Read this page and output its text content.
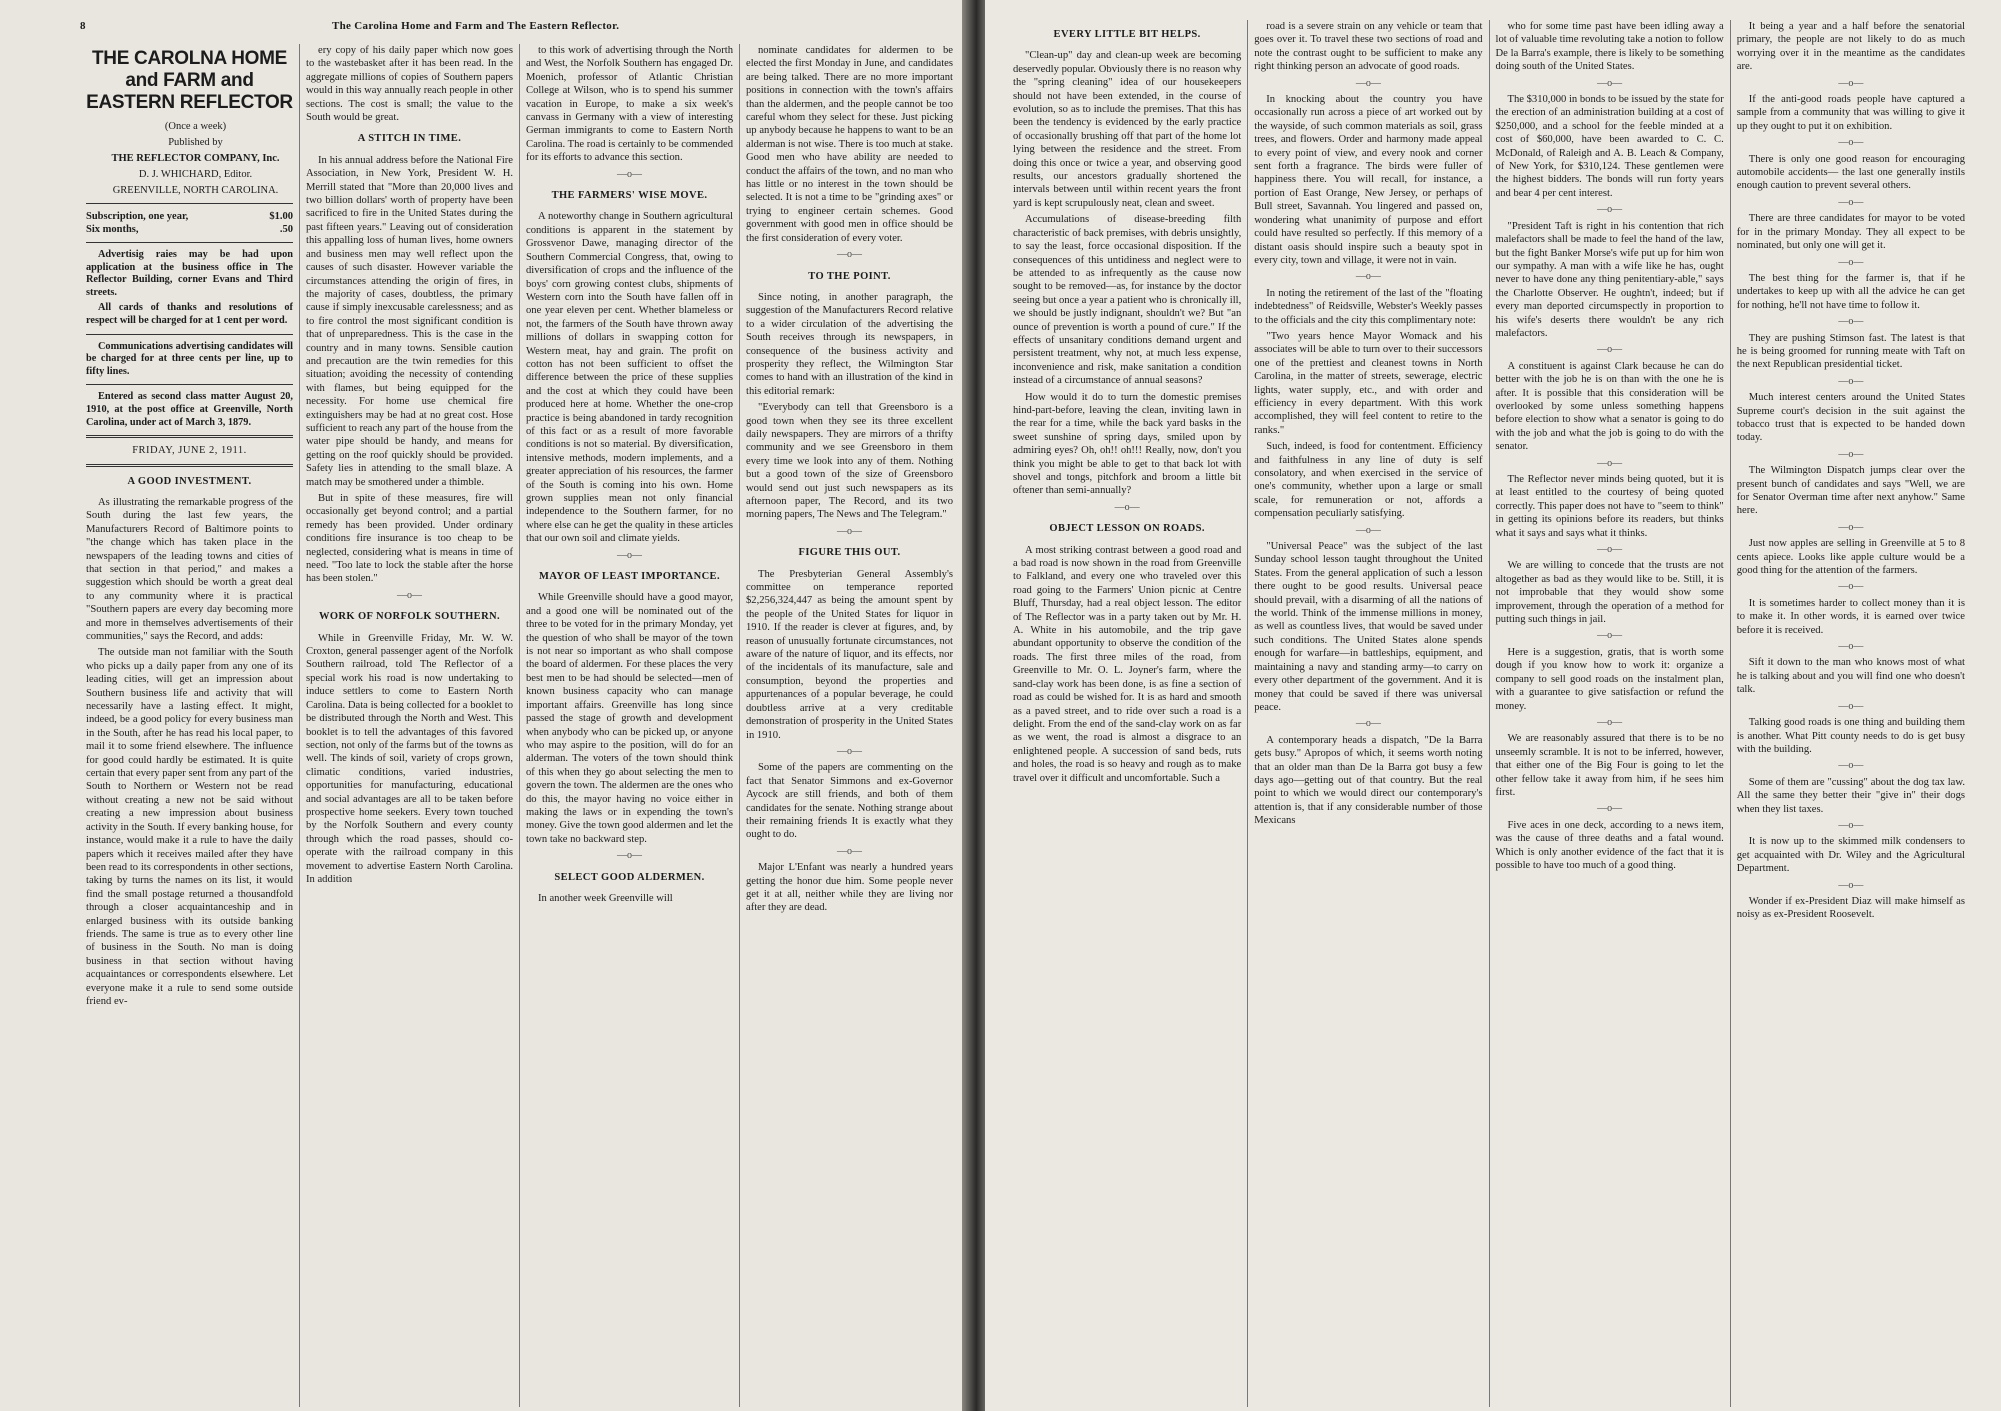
8	The Carolina Home and Farm and The Eastern Reflector.
THE CAROLNA HOME and FARM and EASTERN REFLECTOR

(Once a week)

Published by

THE REFLECTOR COMPANY, Inc.

D. J. WHICHARD, Editor.

GREENVILLE, NORTH CAROLINA.

Subscription, one year,	$1.00
Six months,	.50

Advertisig raies may be had upon application at the business office in The Reflector Building, corner Evans and Third streets.

All cards of thanks and resolutions of respect will be charged for at 1 cent per word.

Communications advertising candidates will be charged for at three cents per line, up to fifty lines.

Entered as second class matter August 20, 1910, at the post office at Greenville, North Carolina, under act of March 3, 1879.

FRIDAY, JUNE 2, 1911.
A GOOD INVESTMENT.

As illustrating the remarkable progress of the South during the last few years, the Manufacturers Record of Baltimore points to "the change which has taken place in the newspapers of the leading towns and cities of that section in that period," and makes a suggestion which should be worth a great deal to any community where it is practical "Southern papers are every day becoming more and more in themselves advertisements of their communities," says the Record, and adds:

The outside man not familiar with the South who picks up a daily paper from any one of its leading cities, will get an impression about Southern business life and activity that will necessarily have a lasting effect. It might, indeed, be a good policy for every business man in the South, after he has read his local paper, to mail it to some friend elsewhere. The influence for good could hardly be estimated. It is quite certain that every paper sent from any part of the South to Northern or Western not be read without creating a new not be said without creating a new impression about business activity in the South. If every banking house, for instance, would make it a rule to have the daily papers which it receives mailed after they have been read to its correspondents in other sections, taking by turns the names on its list, it would find the small postage returned a thousandfold through a closer acquaintanceship and in enlarged business with its outside banking friends. The same is true as to every other line of business in the South. No man is doing business in that section without having acquaintances or correspondents elsewhere. Let everyone make it a rule to send some outside friend ev-

ery copy of his daily paper which now goes to the wastebasket after it has been read. In the aggregate millions of copies of Southern papers would in this way annually reach people in other sections. The cost is small; the value to the South would be great.

A STITCH IN TIME.

In his annual address before the National Fire Association, in New York, President W. H. Merrill stated that "More than 20,000 lives and two billion dollars' worth of property have been sacrificed to fire in the United States during the past fifteen years." Leaving out of consideration this appalling loss of human lives, home owners and business men may well reflect upon the causes of such disaster. However variable the circumstances attending the origin of fires, in the majority of cases, doubtless, the primary cause if simply inexcusable carelessness; and as to fire control the most significant condition is that of unpreparedness. This is the case in the country and in many towns. Sensible caution and precaution are the twin remedies for this situation; avoiding the necessity of contending with flames, but being equipped for the necessity. For home use chemical fire extinguishers may be had at no great cost. Hose sufficient to reach any part of the house from the water pipe should be handy, and means for getting on the roof quickly should be provided. Safety lies in attending to the small blaze. A match may be smothered under a thimble.

But in spite of these measures, fire will occasionally get beyond control; and a partial remedy has been provided. Under ordinary conditions fire insurance is too cheap to be neglected, considering what is means in time of need. "Too late to lock the stable after the horse has been stolen."

—o—
WORK OF NORFOLK SOUTHERN.

While in Greenville Friday, Mr. W. W. Croxton, general passenger agent of the Norfolk Southern railroad, told The Reflector of a special work his road is now undertaking to induce settlers to come to Eastern North Carolina. Data is being collected for a booklet to be distributed through the North and West. This booklet is to tell the advantages of this favored section, not only of the farms but of the towns as well. The kinds of soil, variety of crops grown, climatic conditions, varied industries, opportunities for manufacturing, educational and social advantages are all to be taken before prospective home seekers. Every town touched by the Norfolk Southern and every county through which the road passes, should co-operate with the railroad company in this movement to advertise Eastern North Carolina. In addition

to this work of advertising through the North and West, the Norfolk Southern has engaged Dr. Moenich, professor of Atlantic Christian College at Wilson, who is to spend his summer vacation in Europe, to make a six week's canvass in Germany with a view of interesting German immigrants to come to Eastern North Carolina. The road is certainly to be commended for its efforts to advance this section.

—o—
THE FARMERS' WISE MOVE.

A noteworthy change in Southern agricultural conditions is apparent in the statement by Grossvenor Dawe, managing director of the Southern Commercial Congress, that, owing to diversification of crops and the influence of the boys' corn growing contest clubs, shipments of Western corn into the South have fallen off in one year eleven per cent. Whether blameless or not, the farmers of the South have thrown away millions of dollars in swapping cotton for Western meat, hay and grain. The profit on cotton has not been sufficient to offset the difference between the price of these supplies and the cost at which they could have been produced here at home. Whether the one-crop practice is being abandoned in tardy recognition of this fact or as a result of more favorable conditions is not so material. By diversification, intensive methods, modern implements, and a greater appreciation of his resources, the farmer of the South is coming into his own. Home grown supplies mean not only financial independence to the Southern farmer, for no where else can he get the quality in these articles that our own soil and climate yields.

—o—
MAYOR OF LEAST IMPORTANCE.

While Greenville should have a good mayor, and a good one will be nominated out of the three to be voted for in the primary Monday, yet the question of who shall be mayor of the town is not near so important as who shall compose the board of aldermen. For these places the very best men to be had should be selected—men of known business capacity who can manage important affairs. Greenville has long since passed the stage of growth and development when anybody who can be picked up, or anyone who may aspire to the position, will do for an alderman. The voters of the town should think of this when they go about selecting the men to govern the town. The aldermen are the ones who do this, the mayor having no voice either in making the laws or in expending the town's money. Give the town good aldermen and let the town take no backward step.

—o—
SELECT GOOD ALDERMEN.

In another week Greenville will

nominate candidates for aldermen to be elected the first Monday in June, and candidates are being talked. There are no more important positions in connection with the town's affairs than the aldermen, and the people cannot be too careful whom they select for these. Just picking up anybody because he happens to want to be an alderman is not wise. There is too much at stake. Good men who have ability are needed to conduct the affairs of the town, and no man who has little or no interest in the town should be selected. It is not a time to be "grinding axes" or trying to engineer certain schemes. Good government with good men in office should be the first consideration of every voter.

—o—
TO THE POINT.

Since noting, in another paragraph, the suggestion of the Manufacturers Record relative to a wider circulation of the advertising the South receives through its newspapers, in consequence of the business activity and prosperity they reflect, the Wilmington Star comes to hand with an illustration of the kind in this editorial remark:

"Everybody can tell that Greensboro is a good town when they see its three excellent daily newspapers. They are mirrors of a thrifty community and we see Greensboro in them every time we look into any of them. Nothing but a good town of the size of Greensboro would send out just such newspapers as its afternoon paper, The Record, and its two morning papers, The News and The Telegram."

—o—
FIGURE THIS OUT.

The Presbyterian General Assembly's committee on temperance reported $2,256,324,447 as being the amount spent by the people of the United States for liquor in 1910. If the reader is clever at figures, and, by reason of unusually fortunate circumstances, not aware of the nature of liquor, and its effects, nor of the incidentals of its manufacture, sale and consumption, beyond the properties and appurtenances of a popular beverage, he could doubtless arrive at a very creditable demonstration of prosperity in the United States in 1910.

—o—

Some of the papers are commenting on the fact that Senator Simmons and ex-Governor Aycock are still friends, and both of them candidates for the senate. Nothing strange about their remaining friends It is exactly what they ought to do.

—o—

Major L'Enfant was nearly a hundred years getting the honor due him. Some people never get it at all, neither while they are living nor after they are dead.

EVERY LITTLE BIT HELPS.

"Clean-up" day and clean-up week are becoming deservedly popular. Obviously there is no reason why the "spring cleaning" idea of our housekeepers should not have been extended, in the course of evolution, so as to include the premises. That this has been the tendency is evidenced by the early practice of occasionally brushing off that part of the home lot lying between the residence and the street. From doing this once or twice a year, and observing good results, our ancestors gradually shortened the intervals between until within recent years the front yard is kept scrupulously neat, clean and sweet.

Accumulations of disease-breeding filth characteristic of back premises, with debris unsightly, to say the least, force occasional disposition. If the consequences of this untidiness and neglect were to be attended to as infrequently as the cause now sought to be removed—as, for instance by the doctor seeing but once a year a patient who is chronically ill, we should be justly indignant, shouldn't we? But "an ounce of prevention is worth a pound of cure." If the effects of unsanitary conditions demand urgent and persistent treatment, why not, at much less expense, inconvenience and risk, make sanitation a condition instead of a circumstance of annual seasons?

How would it do to turn the domestic premises hind-part-before, leaving the clean, inviting lawn in the rear for a time, while the back yard basks in the sweet sunshine of spring days, smiled upon by admiring eyes? Oh, oh!! oh!!! Really, now, don't you think you might be able to get to that back lot with shovel and tongs, pitchfork and broom a little bit oftener than semi-annually?

—o—
OBJECT LESSON ON ROADS.

A most striking contrast between a good road and a bad road is now shown in the road from Greenville to Falkland, and every one who traveled over this road going to the Farmers' Union picnic at Centre Bluff, Thursday, had a real object lesson. The editor of The Reflector was in a party taken out by Mr. H. A. White in his automobile, and the trip gave abundant opportunity to observe the condition of the roads. The first three miles of the road, from Greenville to Mr. O. L. Joyner's farm, where the sand-clay work has been done, is as fine a section of road as could be wished for. It is as hard and smooth as a paved street, and to ride over such a road is a delight. From the end of the sand-clay work on as far as we went, the road is almost a disgrace to an enlightened people. A succession of sand beds, ruts and holes, the road is so heavy and rough as to make travel over it difficult and uncomfortable. Such a

road is a severe strain on any vehicle or team that goes over it. To travel these two sections of road and note the contrast ought to be sufficient to make any right thinking person an advocate of good roads.

—o—

In knocking about the country you have occasionally run across a piece of art worked out by the wayside, of such common materials as soil, grass trees, and flowers. Order and harmony made appeal to every point of view, and every nook and corner sent forth a fragrance. The birds were fuller of happiness there. You will recall, for instance, a portion of East Orange, New Jersey, or perhaps of Bull street, Savannah. You lingered and passed on, wondering what unanimity of purpose and effort could have resulted so perfectly. If this memory of a distant oasis should inspire such a beauty spot in every city, town and village, it were not in vain.

—o—

In noting the retirement of the last of the "floating indebtedness" of Reidsville, Webster's Weekly passes to the officials and the city this complimentary note:

"Two years hence Mayor Womack and his associates will be able to turn over to their successors one of the prettiest and cleanest towns in North Carolina, in the matter of streets, sewerage, electric lights, water supply, etc., and with order and efficiency in every department. With this work accomplished, they will feel content to retire to the ranks."

Such, indeed, is food for contentment. Efficiency and faithfulness in any line of duty is self consolatory, and when exercised in the service of one's community, whether upon a large or small scale, for remuneration or not, affords a compensation peculiarly satisfying.

—o—

"Universal Peace" was the subject of the last Sunday school lesson taught throughout the United States. From the general application of such a lesson there ought to be good results. Universal peace should prevail, with a disarming of all the nations of the world. Think of the immense millions in money, as well as countless lives, that would be saved under such conditions. The United States alone spends enough for warfare—in battleships, equipment, and maintaining a navy and standing army—to carry on every other department of the government. And it is money that could be saved if there was universal peace.

—o—

A contemporary heads a dispatch, "De la Barra gets busy." Apropos of which, it seems worth noting that an older man than De la Barra got busy a few days ago—getting out of that country. But the real point to which we would direct our contemporary's attention is, that if any considerable number of those Mexicans

who for some time past have been idling away a lot of valuable time revoluting take a notion to follow De la Barra's example, there is likely to be something doing south of the United States.

—o—

The $310,000 in bonds to be issued by the state for the erection of an administration building at a cost of $250,000, and a school for the feeble minded at a cost of $60,000, have been awarded to C. C. McDonald, of Raleigh and A. B. Leach & Company, of New York, for $310,124. These gentlemen were the highest bidders. The bonds will run forty years and bear 4 per cent interest.

—o—

"President Taft is right in his contention that rich malefactors shall be made to feel the hand of the law, but the fight Banker Morse's wife put up for him won our sympathy. A man with a wife like he has, ought never to have done any thing penitentiary-able," says the Charlotte Observer. He oughtn't, indeed; but if every man deported circumspectly in proportion to his wife's deserts there wouldn't be any rich malefactors.

—o—

A constituent is against Clark because he can do better with the job he is on than with the one he is after. It is possible that this consideration will be overlooked by some unless something happens before election to show what a senator is going to do with the job and what the job is going to do with the senator.

—o—

The Reflector never minds being quoted, but it is at least entitled to the courtesy of being quoted correctly. This paper does not have to "seem to think" in getting its opinions before its readers, but thinks what it says and says what it thinks.

—o—

We are willing to concede that the trusts are not altogether as bad as they would like to be. Still, it is not improbable that they would show some improvement, through the operation of a method for putting such things in jail.

—o—

Here is a suggestion, gratis, that is worth some dough if you know how to work it: organize a company to sell good roads on the instalment plan, with a guarantee to give satisfaction or refund the money.

—o—

We are reasonably assured that there is to be no unseemly scramble. It is not to be inferred, however, that either one of the Big Four is going to let the other fellow take it away from him, if he sees him first.

—o—

Five aces in one deck, according to a news item, was the cause of three deaths and a fatal wound. Which is only another evidence of the fact that it is possible to have too much of a good thing.

It being a year and a half before the senatorial primary, the people are not likely to do as much worrying over it in the meantime as the candidates are.

—o—

If the anti-good roads people have captured a sample from a community that was willing to give it up they ought to put it on exhibition.

—o—

There is only one good reason for encouraging automobile accidents— the last one generally instils enough caution to prevent several others.

—o—

There are three candidates for mayor to be voted for in the primary Monday. They all expect to be nominated, but only one will get it.

—o—

The best thing for the farmer is, that if he undertakes to keep up with all the advice he can get for nothing, he'll not have time to follow it.

—o—

They are pushing Stimson fast. The latest is that he is being groomed for running meate with Taft on the next Republican presidential ticket.

—o—

Much interest centers around the United States Supreme court's decision in the suit against the tobacco trust that is expected to be handed down today.

—o—

The Wilmington Dispatch jumps clear over the present bunch of candidates and says "Well, we are for Senator Overman time after next anyhow." Same here.

—o—

Just now apples are selling in Greenville at 5 to 8 cents apiece. Looks like apple culture would be a good thing for the attention of the farmers.

—o—

It is sometimes harder to collect money than it is to make it. In other words, it is earned over twice before it is received.

—o—

Sift it down to the man who knows most of what he is talking about and you will find one who doesn't talk.

—o—

Talking good roads is one thing and building them is another. What Pitt county needs to do is get busy with the building.

—o—

Some of them are "cussing" about the dog tax law. All the same they better their "give in" their dogs when they list taxes.

—o—

It is now up to the skimmed milk condensers to get acquainted with Dr. Wiley and the Agricultural Department.

—o—

Wonder if ex-President Diaz will make himself as noisy as ex-President Roosevelt.
